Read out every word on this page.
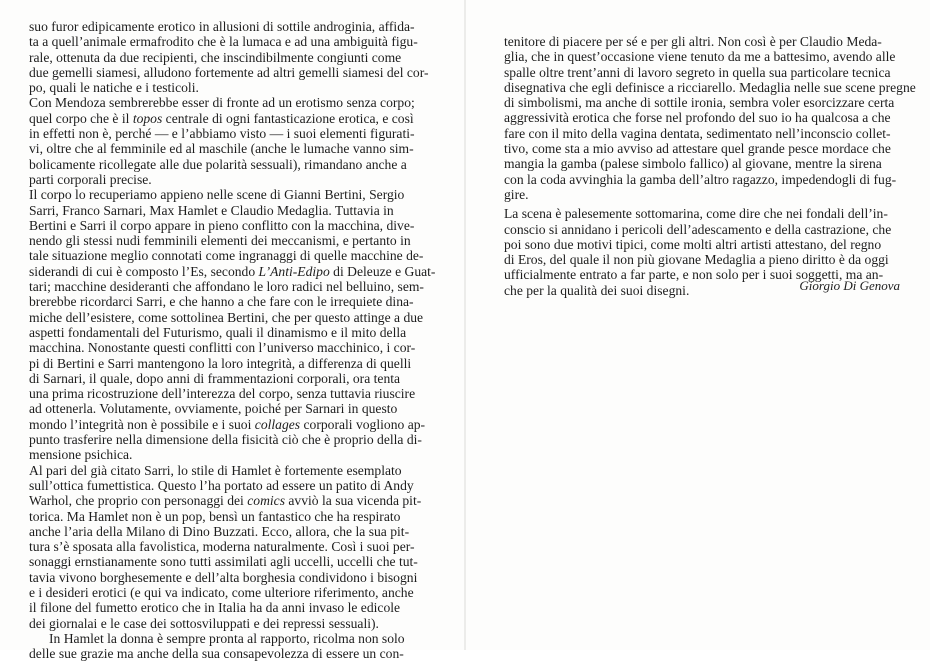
suo furor edipicamente erotico in allusioni di sottile androginia, affida-
ta a quell’animale ermafrodito che è la lumaca e ad una ambiguità figu-
rale, ottenuta da due recipienti, che inscindibilmente congiunti come
due gemelli siamesi, alludono fortemente ad altri gemelli siamesi del cor-
po, quali le natiche e i testicoli.
Con Mendoza sembrerebbe esser di fronte ad un erotismo senza corpo;
quel corpo che è il topos centrale di ogni fantasticazione erotica, e così
in effetti non è, perché — e l’abbiamo visto — i suoi elementi figurati-
vi, oltre che al femminile ed al maschile (anche le lumache vanno sim-
bolicamente ricollegate alle due polarità sessuali), rimandano anche a
parti corporali precise.
Il corpo lo recuperiamo appieno nelle scene di Gianni Bertini, Sergio
Sarri, Franco Sarnari, Max Hamlet e Claudio Medaglia. Tuttavia in
Bertini e Sarri il corpo appare in pieno conflitto con la macchina, dive-
nendo gli stessi nudi femminili elementi dei meccanismi, e pertanto in
tale situazione meglio connotati come ingranaggi di quelle macchine de-
siderandi di cui è composto l’Es, secondo L’Anti-Edipo di Deleuze e Guat-
tari; macchine desideranti che affondano le loro radici nel belluino, sem-
brerebbe ricordarci Sarri, e che hanno a che fare con le irrequiete dina-
miche dell’esistere, come sottolinea Bertini, che per questo attinge a due
aspetti fondamentali del Futurismo, quali il dinamismo e il mito della
macchina. Nonostante questi conflitti con l’universo macchinico, i cor-
pi di Bertini e Sarri mantengono la loro integrità, a differenza di quelli
di Sarnari, il quale, dopo anni di frammentazioni corporali, ora tenta
una prima ricostruzione dell’interezza del corpo, senza tuttavia riuscire
ad ottenerla. Volutamente, ovviamente, poiché per Sarnari in questo
mondo l’integrità non è possibile e i suoi collages corporali vogliono ap-
punto trasferire nella dimensione della fisicità ciò che è proprio della di-
mensione psichica.
Al pari del già citato Sarri, lo stile di Hamlet è fortemente esemplato
sull’ottica fumettistica. Questo l’ha portato ad essere un patito di Andy
Warhol, che proprio con personaggi dei comics avviò la sua vicenda pit-
torica. Ma Hamlet non è un pop, bensì un fantastico che ha respirato
anche l’aria della Milano di Dino Buzzati. Ecco, allora, che la sua pit-
tura s’è sposata alla favolistica, moderna naturalmente. Così i suoi per-
sonaggi ernstianamente sono tutti assimilati agli uccelli, uccelli che tut-
tavia vivono borghesemente e dell’alta borghesia condividono i bisogni
e i desideri erotici (e qui va indicato, come ulteriore riferimento, anche
il filone del fumetto erotico che in Italia ha da anni invaso le edicole
dei giornalai e le case dei sottosviluppati e dei repressi sessuali).
In Hamlet la donna è sempre pronta al rapporto, ricolma non solo
delle sue grazie ma anche della sua consapevolezza di essere un con-
tenitore di piacere per sé e per gli altri. Non così è per Claudio Meda-
glia, che in quest’occasione viene tenuto da me a battesimo, avendo alle
spalle oltre trent’anni di lavoro segreto in quella sua particolare tecnica
disegnativa che egli definisce a ricciarello. Medaglia nelle sue scene pregne
di simbolismi, ma anche di sottile ironia, sembra voler esorcizzare certa
aggressività erotica che forse nel profondo del suo io ha qualcosa a che
fare con il mito della vagina dentata, sedimentato nell’inconscio collet-
tivo, come sta a mio avviso ad attestare quel grande pesce mordace che
mangia la gamba (palese simbolo fallico) al giovane, mentre la sirena
con la coda avvinghia la gamba dell’altro ragazzo, impedendogli di fug-
gire.
La scena è palesemente sottomarina, come dire che nei fondali dell’in-
conscio si annidano i pericoli dell’adescamento e della castrazione, che
poi sono due motivi tipici, come molti altri artisti attestano, del regno
di Eros, del quale il non più giovane Medaglia a pieno diritto è da oggi
ufficialmente entrato a far parte, e non solo per i suoi soggetti, ma an-
che per la qualità dei suoi disegni.	Giorgio Di Genova
